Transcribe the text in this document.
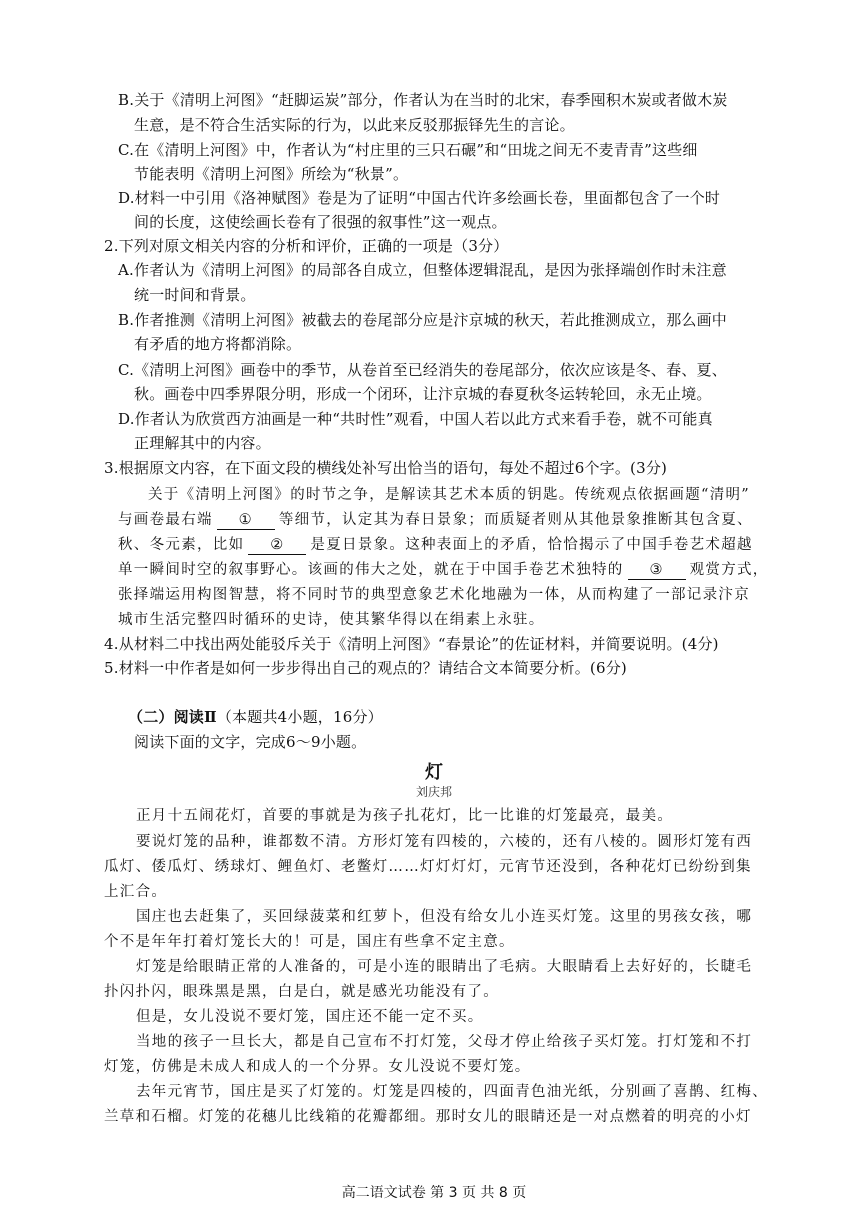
B.关于《清明上河图》“赶脚运炭”部分，作者认为在当时的北宋，春季囤积木炭或者做木炭
生意，是不符合生活实际的行为，以此来反驳那振铎先生的言论。
C.在《清明上河图》中，作者认为“村庄里的三只石碾”和“田垅之间无不麦青青”这些细
节能表明《清明上河图》所绘为“秋景”。
D.材料一中引用《洛神赋图》卷是为了证明“中国古代许多绘画长卷，里面都包含了一个时
间的长度，这使绘画长卷有了很强的叙事性”这一观点。
2.下列对原文相关内容的分析和评价，正确的一项是（3分）
A.作者认为《清明上河图》的局部各自成立，但整体逻辑混乱，是因为张择端创作时未注意
统一时间和背景。
B.作者推测《清明上河图》被截去的卷尾部分应是汴京城的秋天，若此推测成立，那么画中
有矛盾的地方将都消除。
C.《清明上河图》画卷中的季节，从卷首至已经消失的卷尾部分，依次应该是冬、春、夏、
秋。画卷中四季界限分明，形成一个闭环，让汴京城的春夏秋冬运转轮回，永无止境。
D.作者认为欣赏西方油画是一种“共时性”观看，中国人若以此方式来看手卷，就不可能真
正理解其中的内容。
3.根据原文内容，在下面文段的横线处补写出恰当的语句，每处不超过6个字。(3分)
关于《清明上河图》的时节之争，是解读其艺术本质的钥匙。传统观点依据画题“清明”
与画卷最右端 ① 等细节，认定其为春日景象；而质疑者则从其他景象推断其包含夏、
秋、冬元素，比如 ② 是夏日景象。这种表面上的矛盾，恰恰揭示了中国手卷艺术超越
单一瞬间时空的叙事野心。该画的伟大之处，就在于中国手卷艺术独特的 ③ 观赏方式，
张择端运用构图智慧，将不同时节的典型意象艺术化地融为一体，从而构建了一部记录汴京
城市生活完整四时循环的史诗，使其繁华得以在绢素上永驻。
4.从材料二中找出两处能驳斥关于《清明上河图》“春景论”的佐证材料，并简要说明。(4分)
5.材料一中作者是如何一步步得出自己的观点的？请结合文本简要分析。(6分)
（二）阅读Ⅱ（本题共4小题，16分）
阅读下面的文字，完成6～9小题。
灯
刘庆邦
正月十五闹花灯，首要的事就是为孩子扎花灯，比一比谁的灯笼最亮，最美。
要说灯笼的品种，谁都数不清。方形灯笼有四棱的，六棱的，还有八棱的。圆形灯笼有西
瓜灯、倭瓜灯、绣球灯、鲤鱼灯、老鳖灯……灯灯灯灯，元宵节还没到，各种花灯已纷纷到集
上汇合。
国庄也去赶集了，买回绿菠菜和红萝卜，但没有给女儿小连买灯笼。这里的男孩女孩，哪
个不是年年打着灯笼长大的！可是，国庄有些拿不定主意。
灯笼是给眼睛正常的人准备的，可是小连的眼睛出了毛病。大眼睛看上去好好的，长睫毛
扑闪扑闪，眼珠黑是黑，白是白，就是感光功能没有了。
但是，女儿没说不要灯笼，国庄还不能一定不买。
当地的孩子一旦长大，都是自己宣布不打灯笼，父母才停止给孩子买灯笼。打灯笼和不打
灯笼，仿佛是未成人和成人的一个分界。女儿没说不要灯笼。
去年元宵节，国庄是买了灯笼的。灯笼是四棱的，四面青色油光纸，分别画了喜鹊、红梅、
兰草和石榴。灯笼的花穗儿比线箱的花瓣都细。那时女儿的眼睛还是一对点燃着的明亮的小灯
高二语文试卷 第 3 页 共 8 页
